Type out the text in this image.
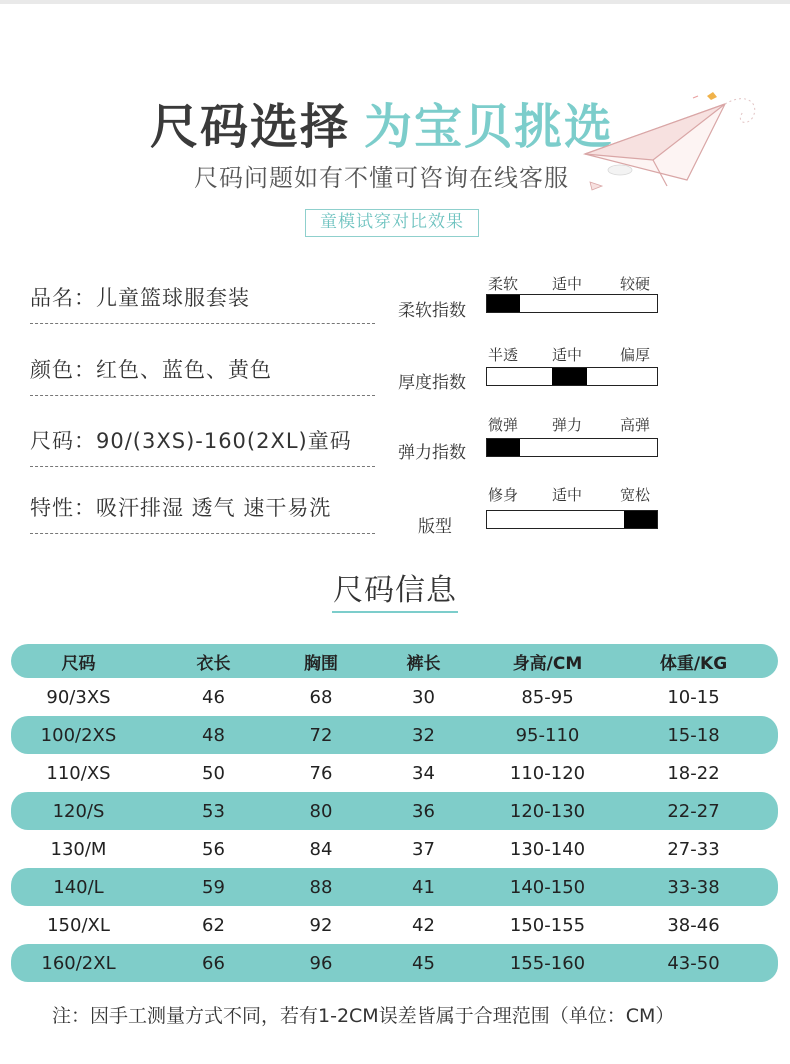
尺码选择 为宝贝挑选
尺码问题如有不懂可咨询在线客服
童模试穿对比效果
品名：儿童篮球服套装
颜色：红色、蓝色、黄色
尺码：90/(3XS)-160(2XL)童码
特性：吸汗排湿 透气 速干易洗
柔软 适中	较硬
柔软指数
半透 适中	偏厚
厚度指数
微弹 弹力	高弹
弹力指数
修身 适中	宽松
版型
尺码信息
尺码	衣长	胸围	裤长	身高/CM	体重/KG
90/3XS	46	68	30	85-95	10-15
100/2XS	48	72	32	95-110	15-18
110/XS	50	76	34	110-120	18-22
120/S	53	80	36	120-130	22-27
130/M	56	84	37	130-140	27-33
140/L	59	88	41	140-150	33-38
150/XL	62	92	42	150-155	38-46
160/2XL	66	96	45	155-160	43-50
注：因手工测量方式不同，若有1-2CM误差皆属于合理范围（单位：CM）
